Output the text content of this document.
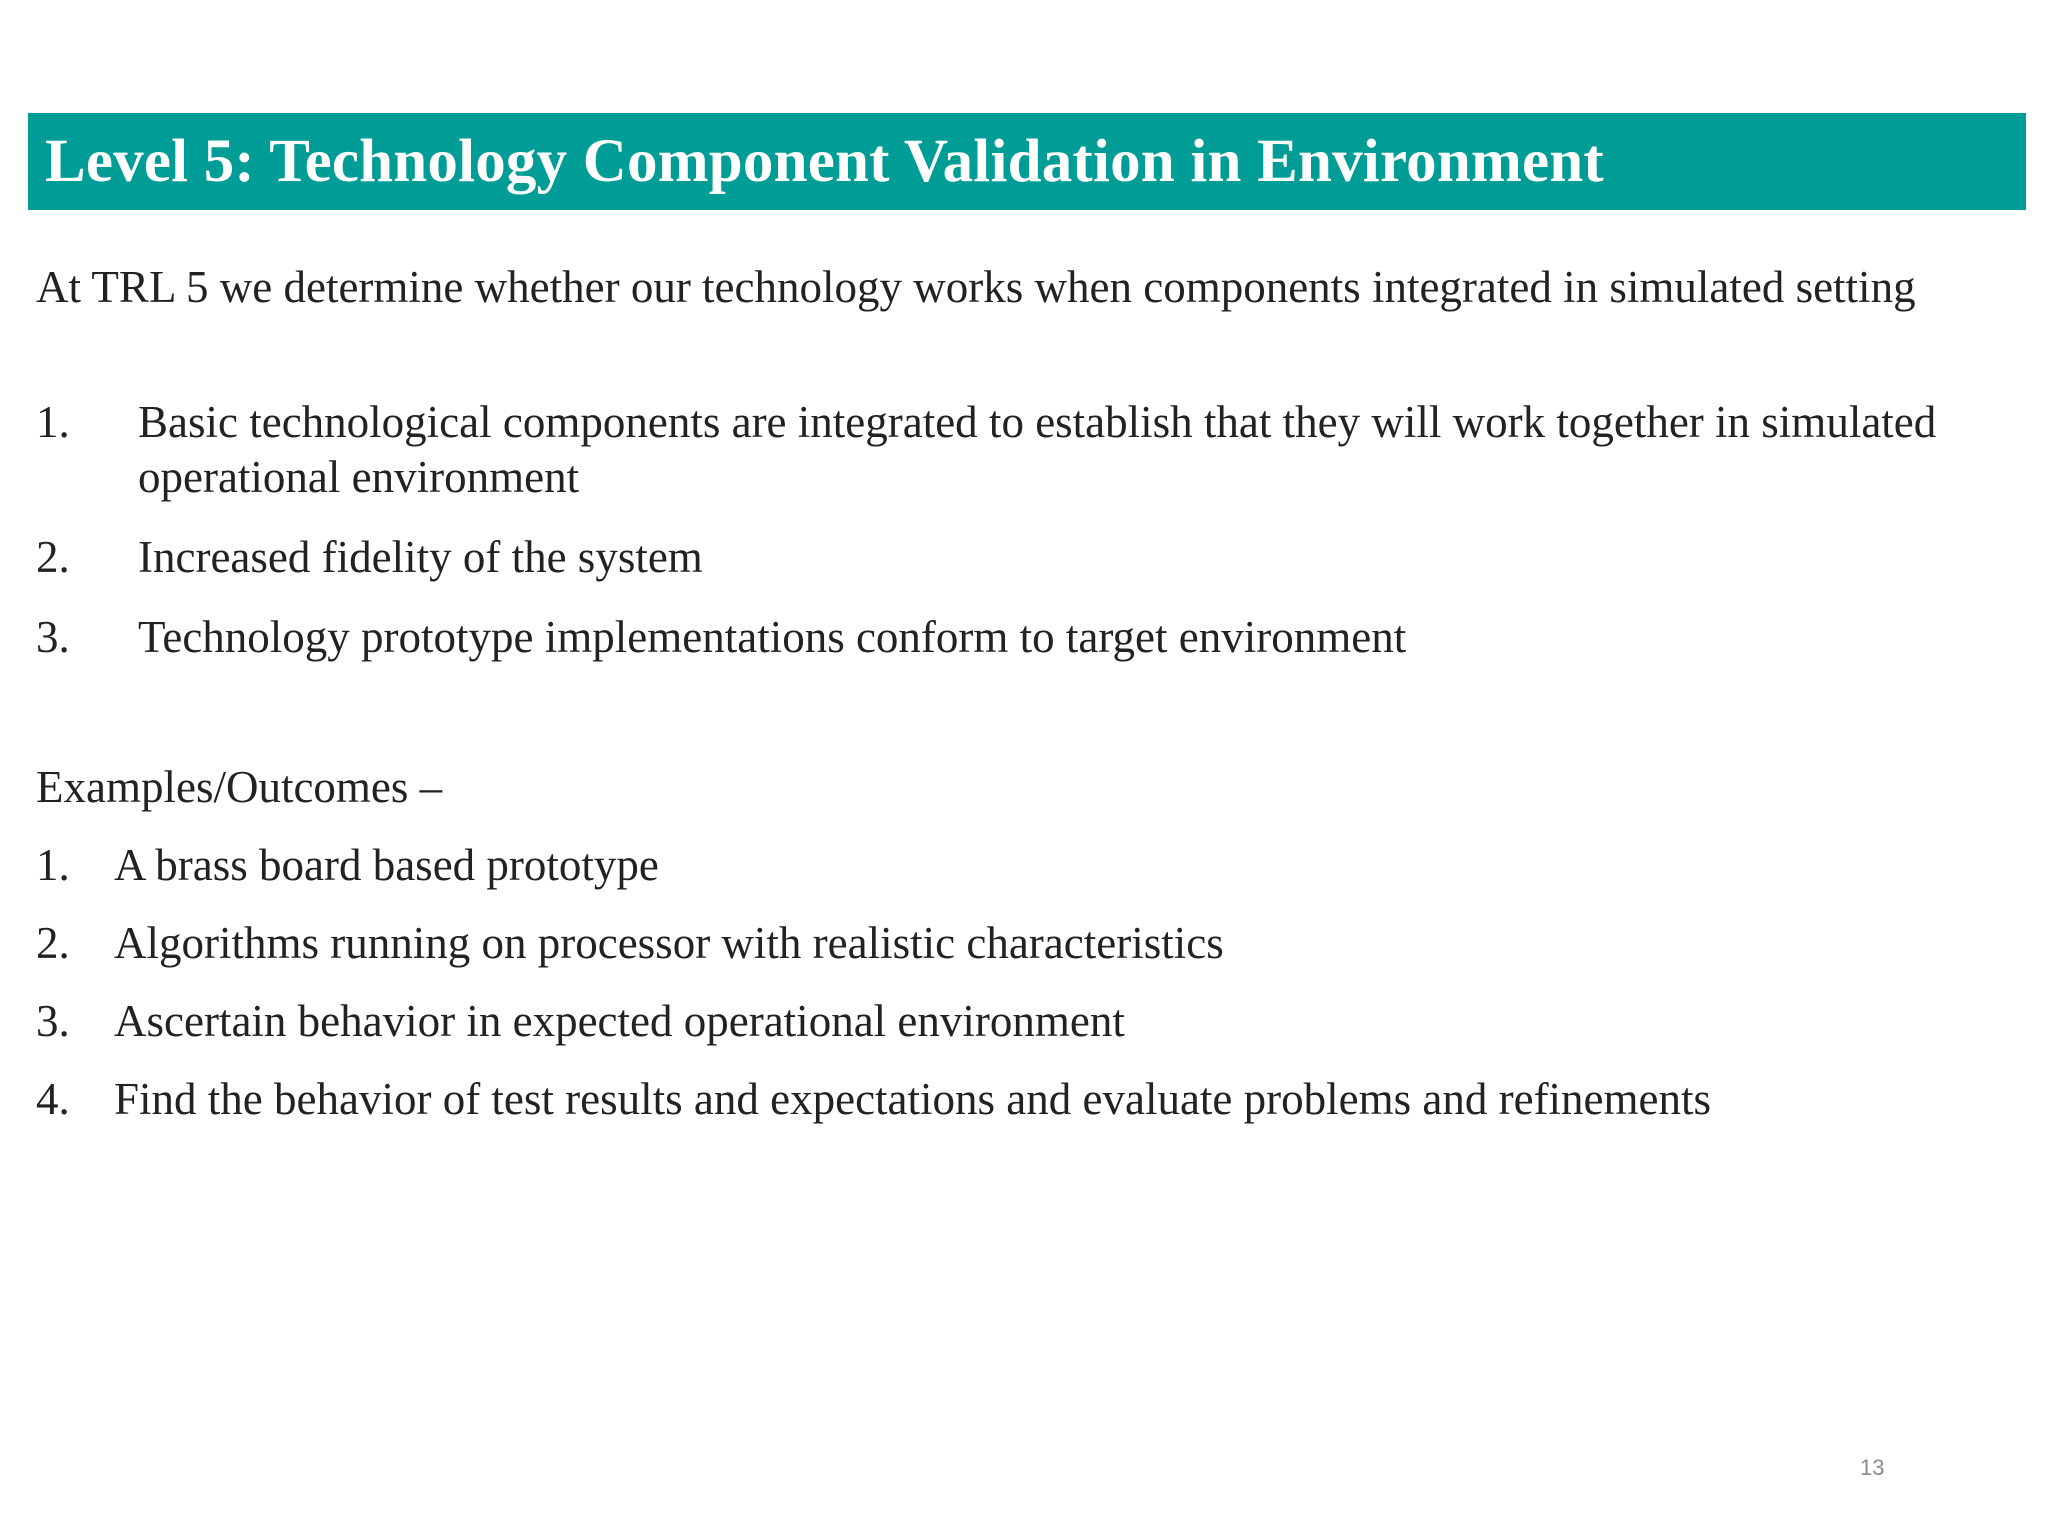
Level 5: Technology Component Validation in Environment
At TRL 5 we determine whether our technology works when components integrated in simulated setting
1. Basic technological components are integrated to establish that they will work together in simulated operational environment
2. Increased fidelity of the system
3. Technology prototype implementations conform to target environment
Examples/Outcomes –
1. A brass board based prototype
2. Algorithms running on processor with realistic characteristics
3. Ascertain behavior in expected operational environment
4. Find the behavior of test results and expectations and evaluate problems and refinements
13
